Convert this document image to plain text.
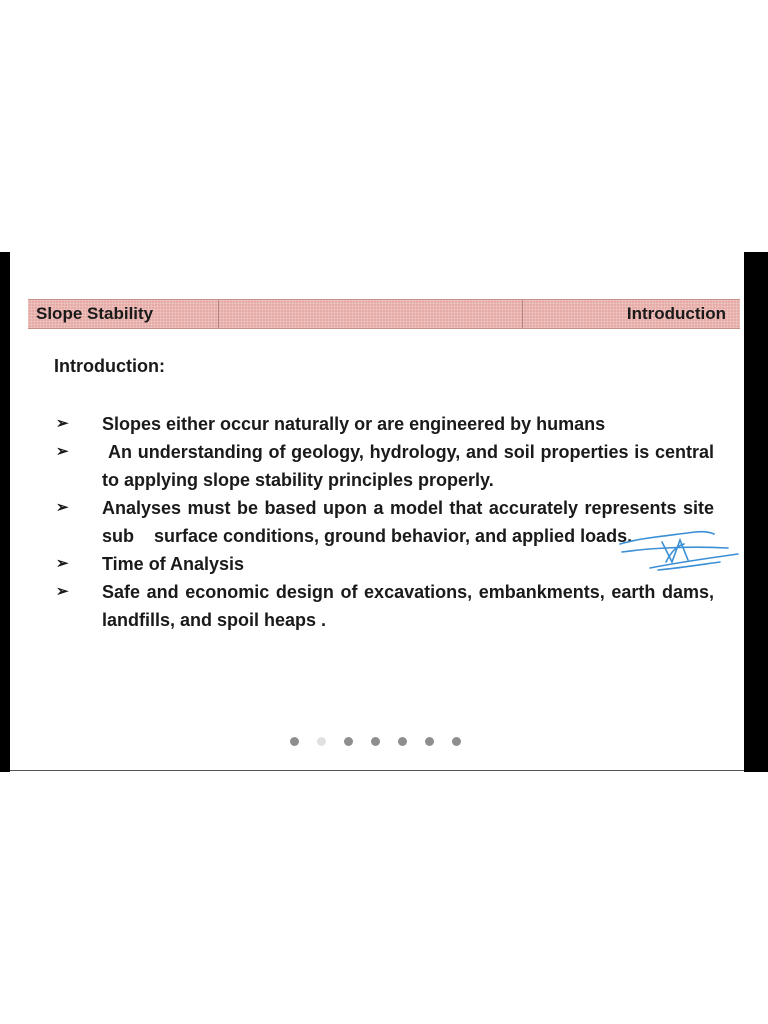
Slope Stability	Introduction
Introduction:
➢ Slopes either occur naturally or are engineered by humans
➢	An understanding of geology, hydrology, and soil properties is central to applying slope stability principles properly.
➢ Analyses must be based upon a model that accurately represents site sub    surface conditions, ground behavior, and applied loads.
➢ Time of Analysis
➢ Safe and economic design of excavations, embankments, earth dams, landfills, and spoil heaps .
